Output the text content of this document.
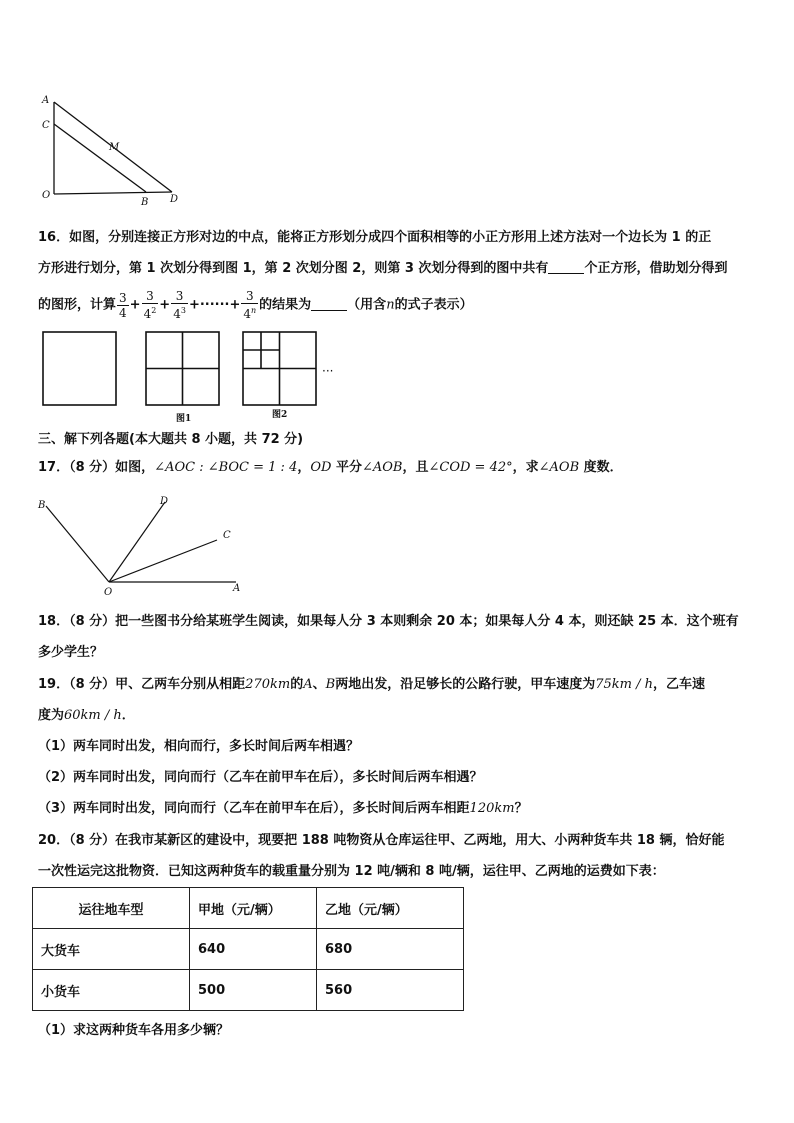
A
C
M
O
B D
16．如图，分别连接正方形对边的中点，能将正方形划分成四个面积相等的小正方形用上述方法对一个边长为 1 的正
方形进行划分，第 1 次划分得到图 1，第 2 次划分图 2，则第 3 次划分得到的图中共有	个正方形，借助划分得到
的图形，计算 $\frac{3}{4} + \frac{3}{4^2} + \frac{3}{4^3}$ +······+ $\frac{3}{4^n}$ 的结果为	（用含n的式子表示）
图1	图2
···
三、解下列各题(本大题共 8 小题，共 72 分)
17．（8 分）如图，∠AOC : ∠BOC = 1 : 4，OD 平分∠AOB，且∠COD = 42°，求∠AOB 度数．
B	D
C
O	A
18．（8 分）把一些图书分给某班学生阅读，如果每人分 3 本则剩余 20 本；如果每人分 4 本，则还缺 25 本．这个班有
多少学生？
19．（8 分）甲、乙两车分别从相距270km的A、B两地出发，沿足够长的公路行驶，甲车速度为75km / h，乙车速
度为60km / h．
（1）两车同时出发，相向而行，多长时间后两车相遇？
（2）两车同时出发，同向而行（乙车在前甲车在后），多长时间后两车相遇？
（3）两车同时出发，同向而行（乙车在前甲车在后），多长时间后两车相距120km？
20．（8 分）在我市某新区的建设中，现要把 188 吨物资从仓库运往甲、乙两地，用大、小两种货车共 18 辆，恰好能
一次性运完这批物资．已知这两种货车的载重量分别为 12 吨/辆和 8 吨/辆，运往甲、乙两地的运费如下表：
运往地车型	甲地（元/辆）	乙地（元/辆）
大货车	640	680
小货车	500	560
（1）求这两种货车各用多少辆？
